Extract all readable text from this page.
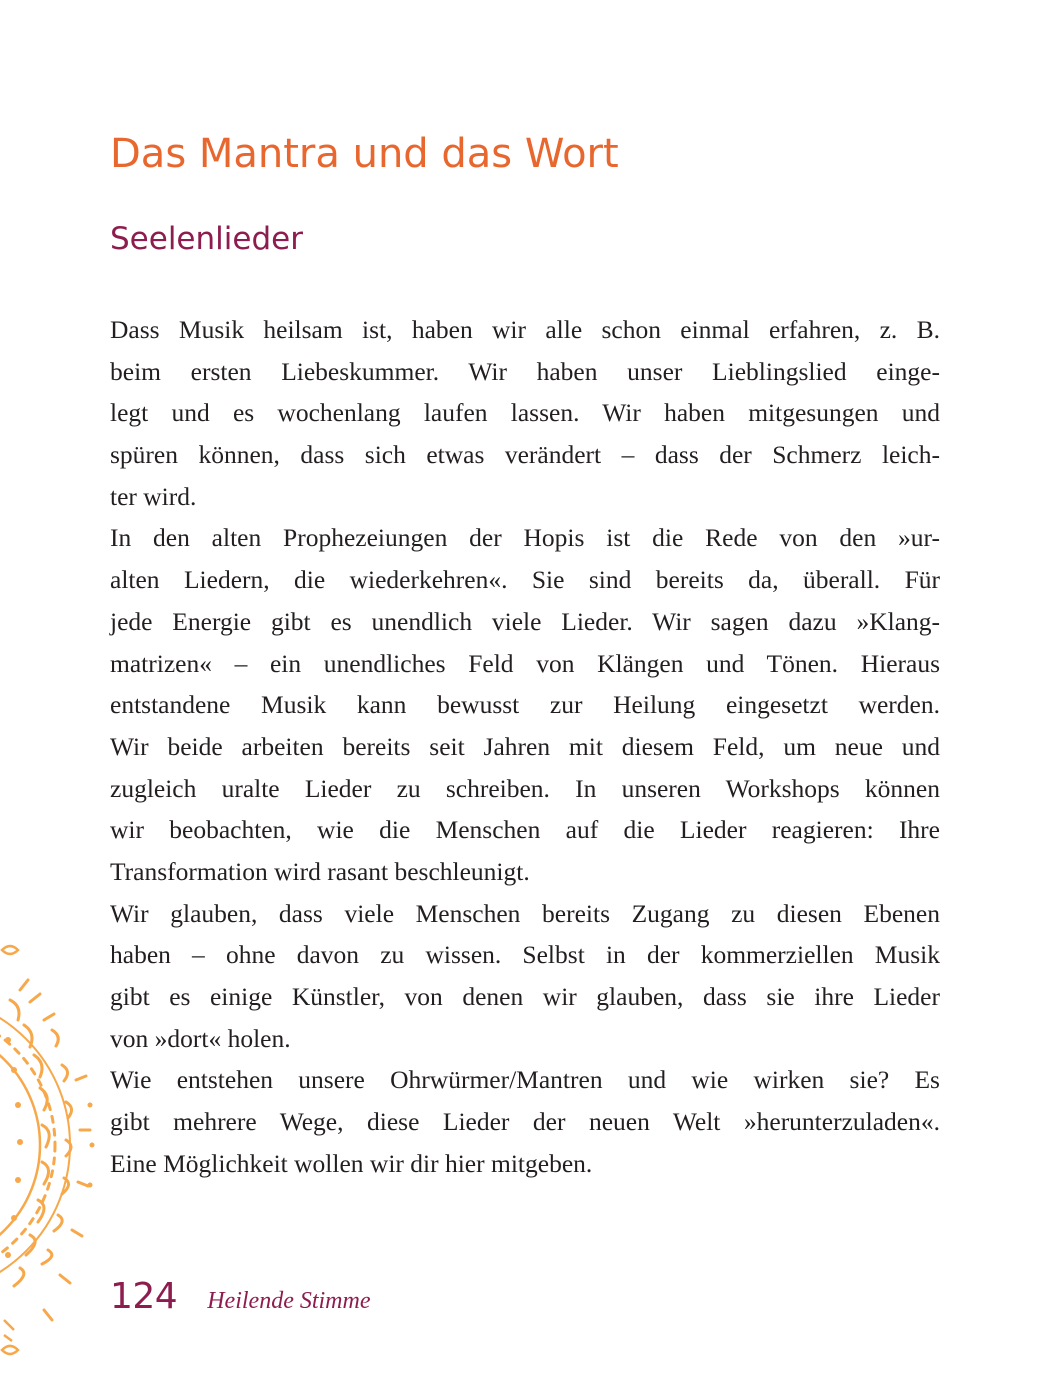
Das Mantra und das Wort
Seelenlieder
Dass Musik heilsam ist, haben wir alle schon einmal erfahren, z. B.
beim ersten Liebeskummer. Wir haben unser Lieblingslied einge-
legt und es wochenlang laufen lassen. Wir haben mitgesungen und
spüren können, dass sich etwas verändert – dass der Schmerz leich-
ter wird.
In den alten Prophezeiungen der Hopis ist die Rede von den »ur-
alten Liedern, die wiederkehren«. Sie sind bereits da, überall. Für
jede Energie gibt es unendlich viele Lieder. Wir sagen dazu »Klang-
matrizen« – ein unendliches Feld von Klängen und Tönen. Hieraus
entstandene Musik kann bewusst zur Heilung eingesetzt werden.
Wir beide arbeiten bereits seit Jahren mit diesem Feld, um neue und
zugleich uralte Lieder zu schreiben. In unseren Workshops können
wir beobachten, wie die Menschen auf die Lieder reagieren: Ihre
Transformation wird rasant beschleunigt.
Wir glauben, dass viele Menschen bereits Zugang zu diesen Ebenen
haben – ohne davon zu wissen. Selbst in der kommerziellen Musik
gibt es einige Künstler, von denen wir glauben, dass sie ihre Lieder
von »dort« holen.
Wie entstehen unsere Ohrwürmer/Mantren und wie wirken sie? Es
gibt mehrere Wege, diese Lieder der neuen Welt »herunterzuladen«.
Eine Möglichkeit wollen wir dir hier mitgeben.
124 Heilende Stimme
